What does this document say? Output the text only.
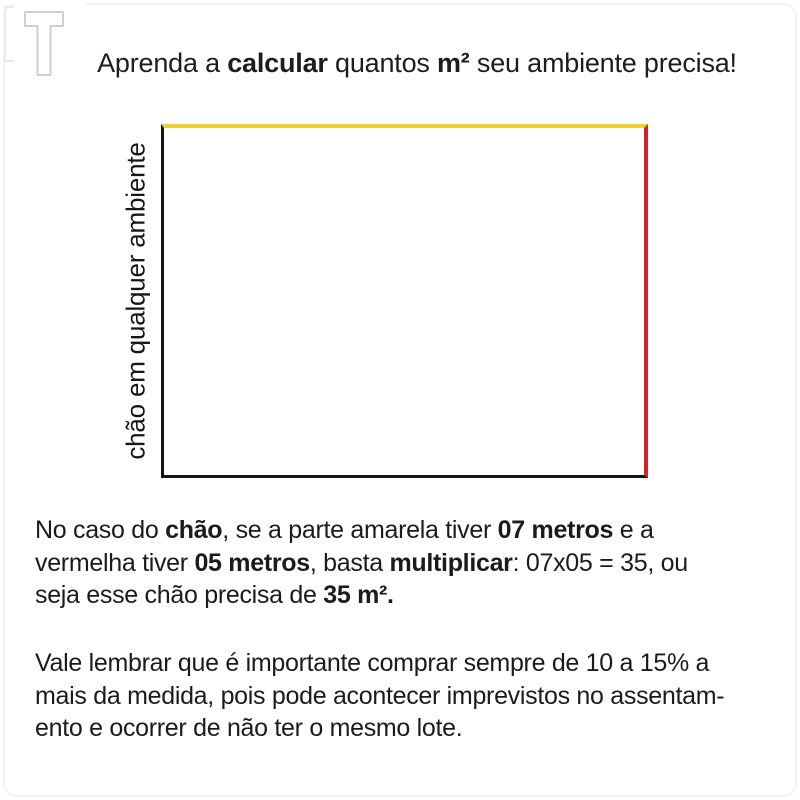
Aprenda a calcular quantos m² seu ambiente precisa!
chão em qualquer ambiente
No caso do chão, se a parte amarela tiver 07 metros e a
vermelha tiver 05 metros, basta multiplicar: 07x05 = 35, ou
seja esse chão precisa de 35 m².
Vale lembrar que é importante comprar sempre de 10 a 15% a
mais da medida, pois pode acontecer imprevistos no assentam-
ento e ocorrer de não ter o mesmo lote.
